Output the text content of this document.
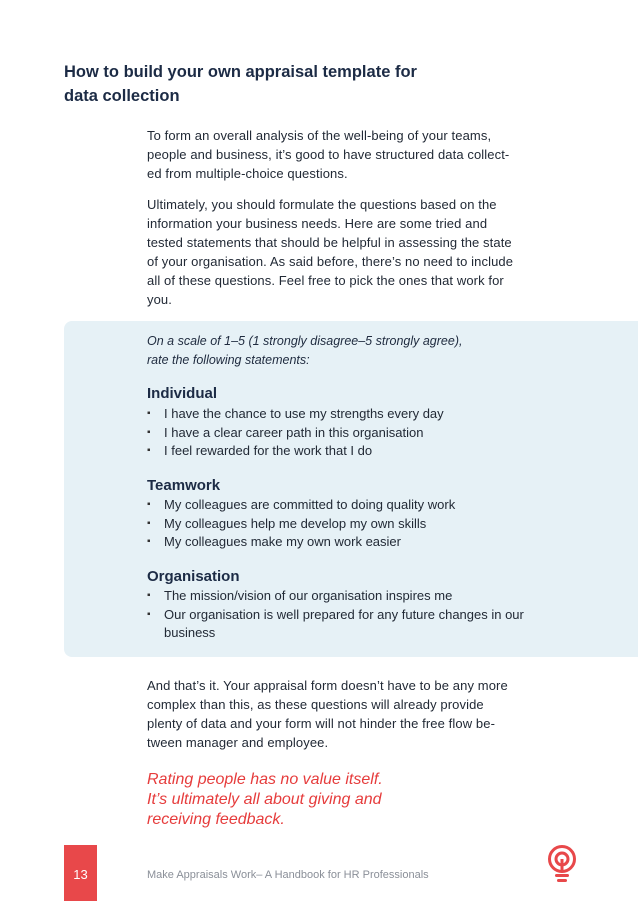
How to build your own appraisal template for
data collection

To form an overall analysis of the well-being of your teams,
people and business, it’s good to have structured data collect-
ed from multiple-choice questions.

Ultimately, you should formulate the questions based on the
information your business needs. Here are some tried and
tested statements that should be helpful in assessing the state
of your organisation. As said before, there’s no need to include
all of these questions. Feel free to pick the ones that work for
you.

On a scale of 1–5 (1 strongly disagree–5 strongly agree),
rate the following statements:

Individual
▪ I have the chance to use my strengths every day
▪ I have a clear career path in this organisation
▪ I feel rewarded for the work that I do
Teamwork
▪ My colleagues are committed to doing quality work
▪ My colleagues help me develop my own skills
▪ My colleagues make my own work easier
Organisation
▪ The mission/vision of our organisation inspires me
▪ Our organisation is well prepared for any future changes in our business

And that’s it. Your appraisal form doesn’t have to be any more
complex than this, as these questions will already provide
plenty of data and your form will not hinder the free flow be-
tween manager and employee.

Rating people has no value itself.
It’s ultimately all about giving and
receiving feedback.

13	Make Appraisals Work– A Handbook for HR Professionals
